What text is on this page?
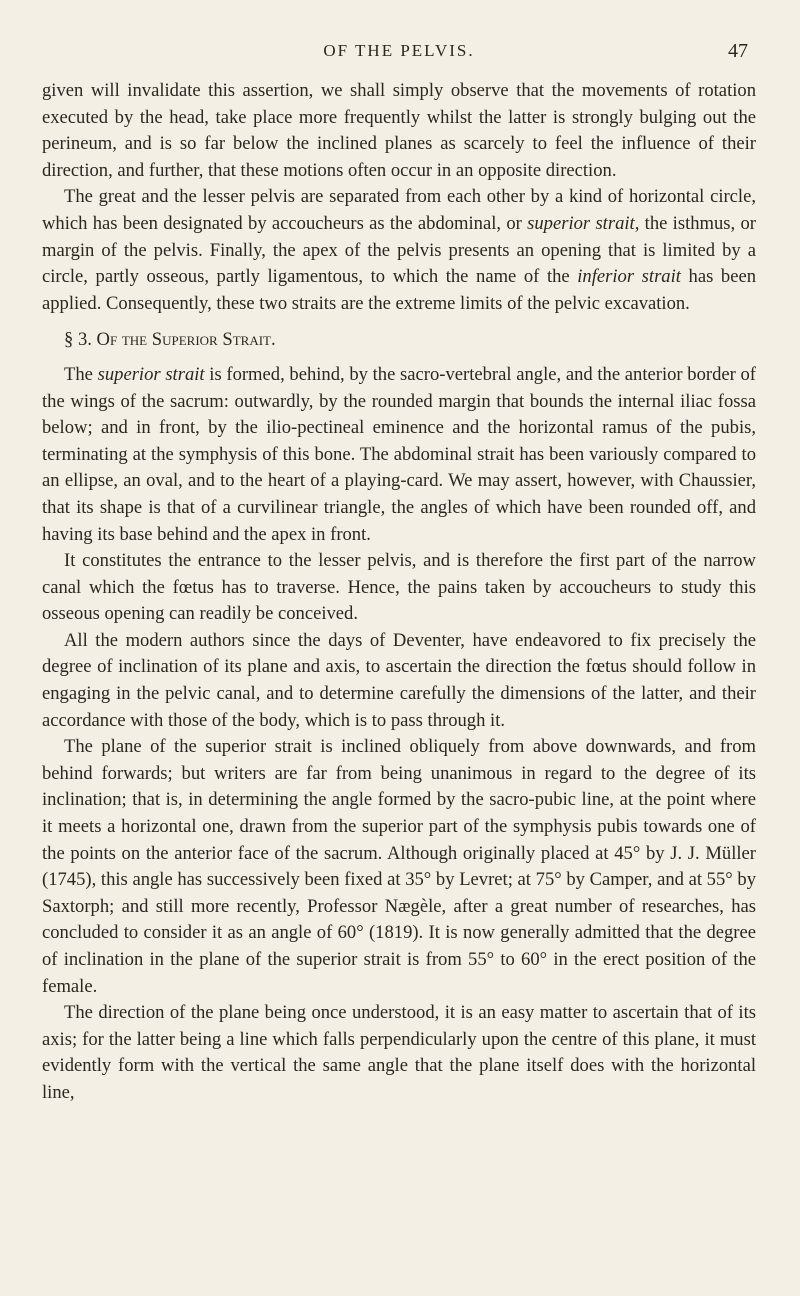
OF THE PELVIS.	47

given will invalidate this assertion, we shall simply observe that the movements of rotation executed by the head, take place more frequently whilst the latter is strongly bulging out the perineum, and is so far below the inclined planes as scarcely to feel the influence of their direction, and further, that these motions often occur in an opposite direction.

The great and the lesser pelvis are separated from each other by a kind of horizontal circle, which has been designated by accoucheurs as the abdominal, or superior strait, the isthmus, or margin of the pelvis. Finally, the apex of the pelvis presents an opening that is limited by a circle, partly osseous, partly ligamentous, to which the name of the inferior strait has been applied. Consequently, these two straits are the extreme limits of the pelvic excavation.

§ 3. Of the Superior Strait.

The superior strait is formed, behind, by the sacro-vertebral angle, and the anterior border of the wings of the sacrum: outwardly, by the rounded margin that bounds the internal iliac fossa below; and in front, by the ilio-pectineal eminence and the horizontal ramus of the pubis, terminating at the symphysis of this bone. The abdominal strait has been variously compared to an ellipse, an oval, and to the heart of a playing-card. We may assert, however, with Chaussier, that its shape is that of a curvilinear triangle, the angles of which have been rounded off, and having its base behind and the apex in front.

It constitutes the entrance to the lesser pelvis, and is therefore the first part of the narrow canal which the fœtus has to traverse. Hence, the pains taken by accoucheurs to study this osseous opening can readily be conceived.

All the modern authors since the days of Deventer, have endeavored to fix precisely the degree of inclination of its plane and axis, to ascertain the direction the fœtus should follow in engaging in the pelvic canal, and to determine carefully the dimensions of the latter, and their accordance with those of the body, which is to pass through it.

The plane of the superior strait is inclined obliquely from above downwards, and from behind forwards; but writers are far from being unanimous in regard to the degree of its inclination; that is, in determining the angle formed by the sacro-pubic line, at the point where it meets a horizontal one, drawn from the superior part of the symphysis pubis towards one of the points on the anterior face of the sacrum. Although originally placed at 45° by J. J. Müller (1745), this angle has successively been fixed at 35° by Levret; at 75° by Camper, and at 55° by Saxtorph; and still more recently, Professor Nægèle, after a great number of researches, has concluded to consider it as an angle of 60° (1819). It is now generally admitted that the degree of inclination in the plane of the superior strait is from 55° to 60° in the erect position of the female.

The direction of the plane being once understood, it is an easy matter to ascertain that of its axis; for the latter being a line which falls perpendicularly upon the centre of this plane, it must evidently form with the vertical the same angle that the plane itself does with the horizontal line,
